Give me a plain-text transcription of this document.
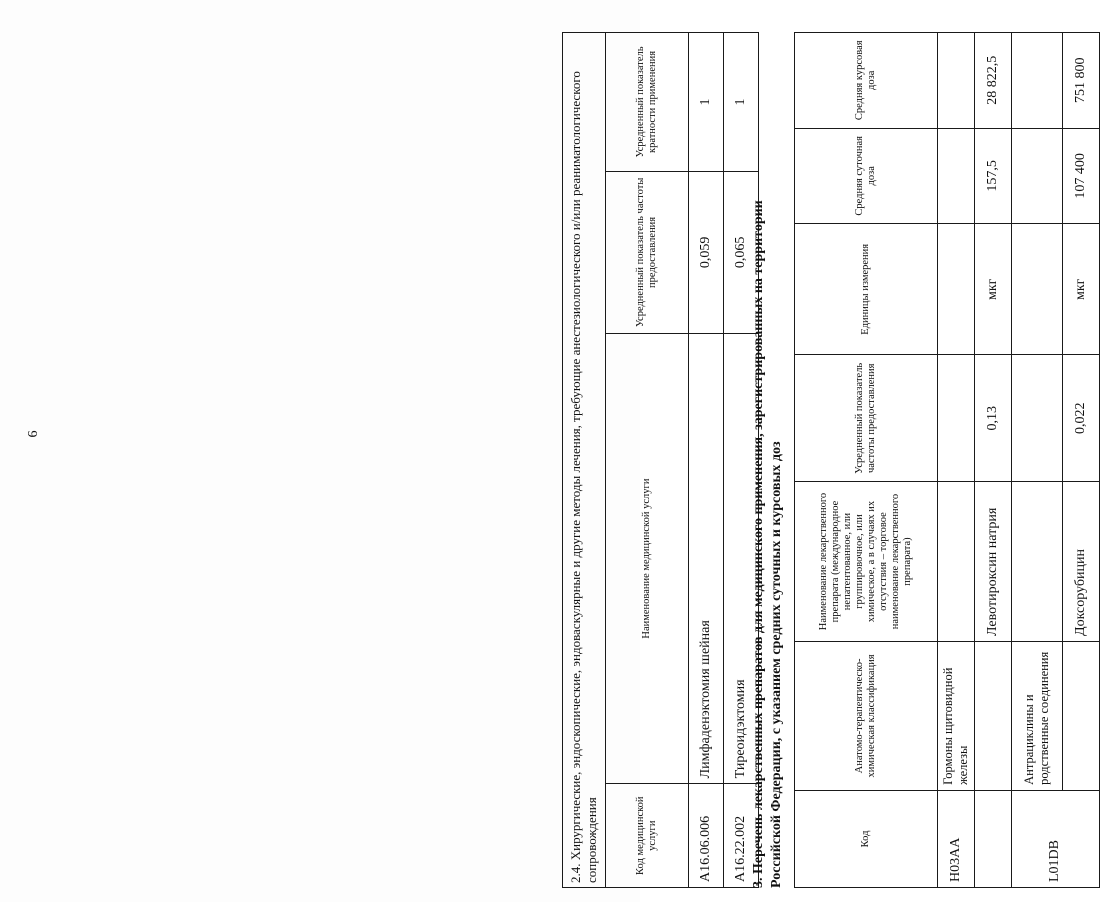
6	2.4. Хирургические, эндоскопические, эндоваскулярные и другие методы лечения, требующие анестезиологического и/или реаниматологического сопровождения			
Код медицинской услуги	Наименование медицинской услуги	Усредненный показатель частоты предоставления	Усредненный показатель кратности применения
A16.06.006	Лимфаденэктомия шейная	0,059	1
A16.22.002	Тиреоидэктомия	0,065	1
3. Перечень лекарственных препаратов для медицинского применения, зарегистрированных на территории Российской Федерации, с указанием средних суточных и курсовых доз	Код	Анатомо-терапевтическо-химическая классификация	Наименование лекарственного препарата (международное непатентованное, или группировочное, или химическое, а в случаях их отсутствия – торговое наименование лекарственного препарата)	Усредненный показатель частоты предоставления	Единицы измерения	Средняя суточная доза	Средняя курсовая доза
H03AA	Гормоны щитовидной железы					
		Левотироксин натрия	0,13	мкг	157,5	28 822,5
L01DB	Антрациклины и родственные соединения					
		Доксорубицин	0,022	мкг	107 400	751 800
